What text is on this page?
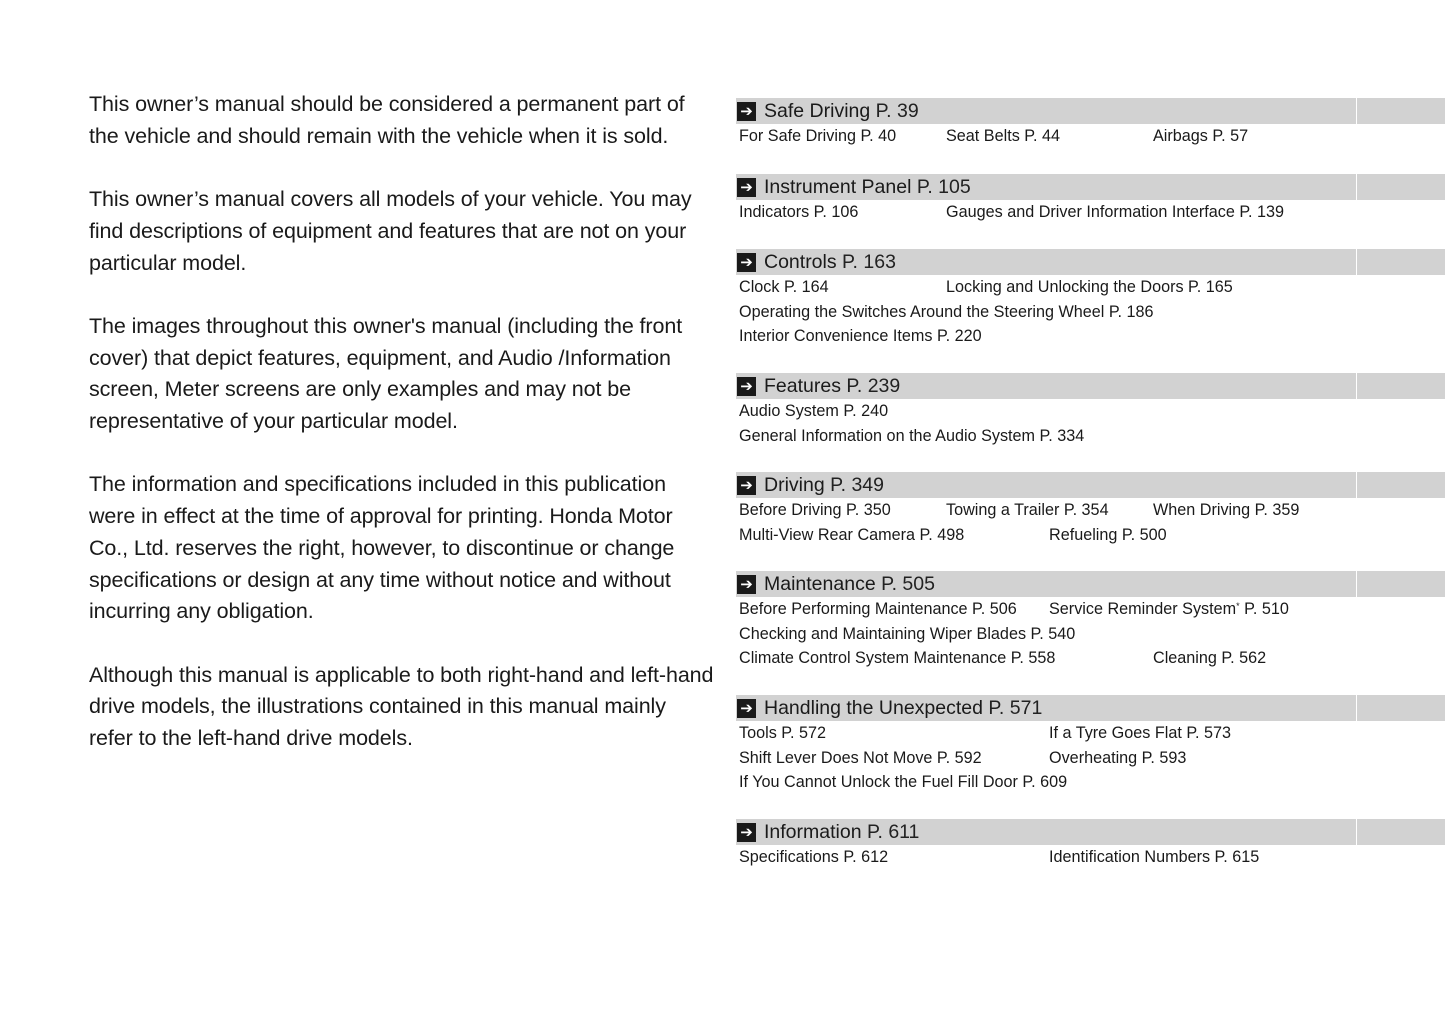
This owner’s manual should be considered a permanent part of the vehicle and should remain with the vehicle when it is sold.

This owner’s manual covers all models of your vehicle. You may find descriptions of equipment and features that are not on your particular model.

The images throughout this owner's manual (including the front cover) that depict features, equipment, and Audio /Information screen, Meter screens are only examples and may not be representative of your particular model.

The information and specifications included in this publication were in effect at the time of approval for printing. Honda Motor Co., Ltd. reserves the right, however, to discontinue or change specifications or design at any time without notice and without incurring any obligation.

Although this manual is applicable to both right-hand and left-hand drive models, the illustrations contained in this manual mainly refer to the left-hand drive models.

➔ Safe Driving P. 39
For Safe Driving P. 40	Seat Belts P. 44	Airbags P. 57
➔ Instrument Panel P. 105
Indicators P. 106	Gauges and Driver Information Interface P. 139
➔ Controls P. 163
Clock P. 164	Locking and Unlocking the Doors P. 165
Operating the Switches Around the Steering Wheel P. 186
Interior Convenience Items P. 220
➔ Features P. 239
Audio System P. 240
General Information on the Audio System P. 334
➔ Driving P. 349
Before Driving P. 350	Towing a Trailer P. 354	When Driving P. 359
Multi-View Rear Camera P. 498	Refueling P. 500
➔ Maintenance P. 505
Before Performing Maintenance P. 506 Service Reminder System* P. 510
Checking and Maintaining Wiper Blades P. 540
Climate Control System Maintenance P. 558	Cleaning P. 562
➔ Handling the Unexpected P. 571
Tools P. 572	If a Tyre Goes Flat P. 573
Shift Lever Does Not Move P. 592	Overheating P. 593
If You Cannot Unlock the Fuel Fill Door P. 609
➔ Information P. 611
Specifications P. 612	Identification Numbers P. 615
